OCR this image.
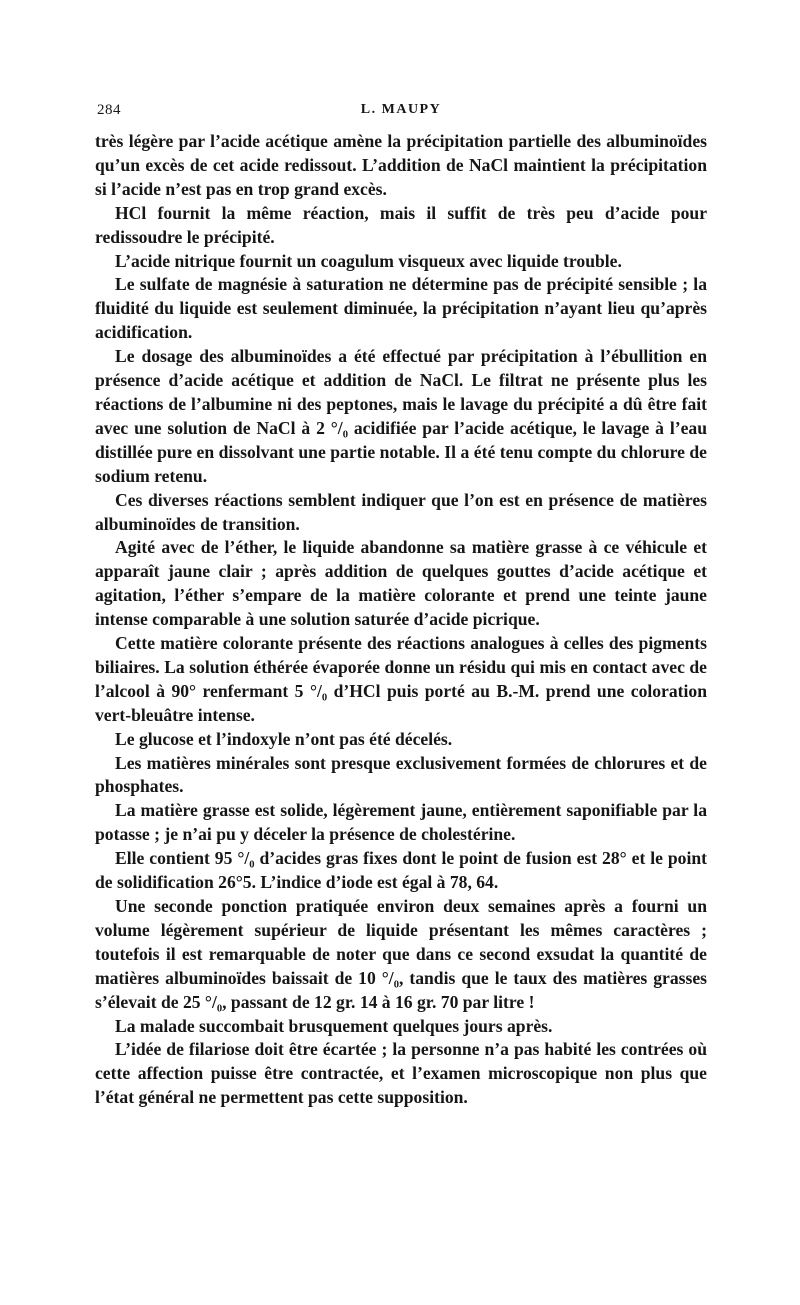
284	L. MAUPY

très légère par l’acide acétique amène la précipitation partielle des albuminoïdes qu’un excès de cet acide redissout. L’addition de NaCl maintient la précipitation si l’acide n’est pas en trop grand excès.

HCl fournit la même réaction, mais il suffit de très peu d’acide pour redissoudre le précipité.

L’acide nitrique fournit un coagulum visqueux avec liquide trouble.

Le sulfate de magnésie à saturation ne détermine pas de précipité sensible ; la fluidité du liquide est seulement diminuée, la précipitation n’ayant lieu qu’après acidification.

Le dosage des albuminoïdes a été effectué par précipitation à l’ébullition en présence d’acide acétique et addition de NaCl. Le filtrat ne présente plus les réactions de l’albumine ni des peptones, mais le lavage du précipité a dû être fait avec une solution de NaCl à 2 °/₀ acidifiée par l’acide acétique, le lavage à l’eau distillée pure en dissolvant une partie notable. Il a été tenu compte du chlorure de sodium retenu.

Ces diverses réactions semblent indiquer que l’on est en présence de matières albuminoïdes de transition.

Agité avec de l’éther, le liquide abandonne sa matière grasse à ce véhicule et apparaît jaune clair ; après addition de quelques gouttes d’acide acétique et agitation, l’éther s’empare de la matière colorante et prend une teinte jaune intense comparable à une solution saturée d’acide picrique.

Cette matière colorante présente des réactions analogues à celles des pigments biliaires. La solution éthérée évaporée donne un résidu qui mis en contact avec de l’alcool à 90° renfermant 5 °/₀ d’HCl puis porté au B.-M. prend une coloration vert-bleuâtre intense.

Le glucose et l’indoxyle n’ont pas été décelés.

Les matières minérales sont presque exclusivement formées de chlorures et de phosphates.

La matière grasse est solide, légèrement jaune, entièrement saponifiable par la potasse ; je n’ai pu y déceler la présence de cholestérine.

Elle contient 95 °/₀ d’acides gras fixes dont le point de fusion est 28° et le point de solidification 26°5. L’indice d’iode est égal à 78, 64.

Une seconde ponction pratiquée environ deux semaines après a fourni un volume légèrement supérieur de liquide présentant les mêmes caractères ; toutefois il est remarquable de noter que dans ce second exsudat la quantité de matières albuminoïdes baissait de 10 °/₀, tandis que le taux des matières grasses s’élevait de 25 °/₀, passant de 12 gr. 14 à 16 gr. 70 par litre !

La malade succombait brusquement quelques jours après.

L’idée de filariose doit être écartée ; la personne n’a pas habité les contrées où cette affection puisse être contractée, et l’examen microscopique non plus que l’état général ne permettent pas cette supposition.
